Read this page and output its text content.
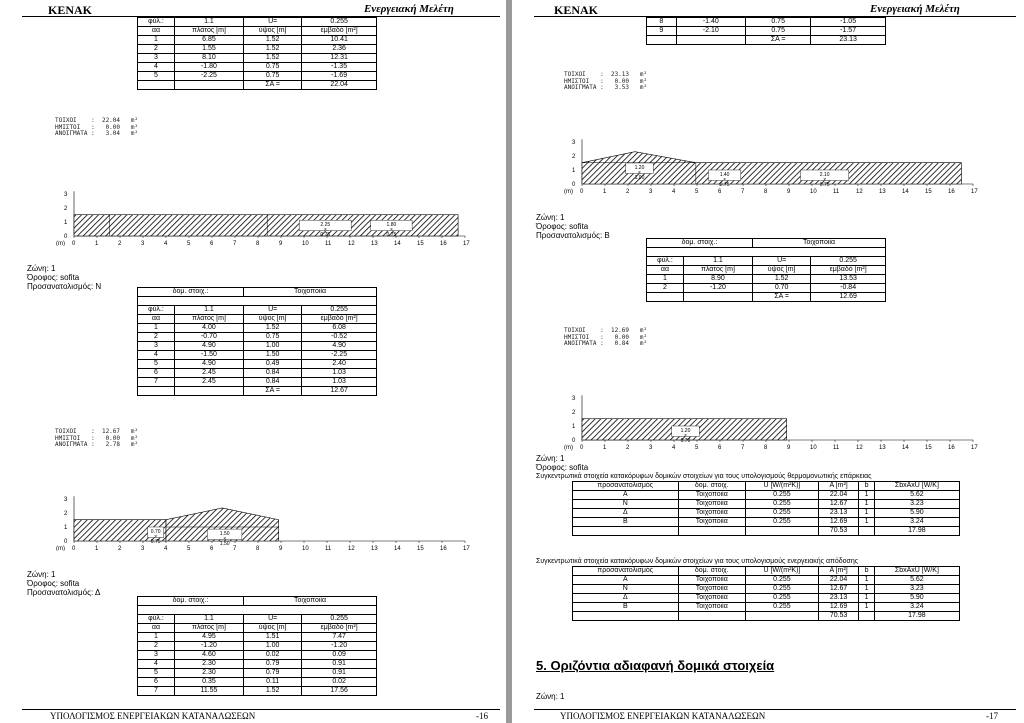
KENAK	Ενεργειακή Μελέτη
φύλ.:	1.1	U=	0.255
αα	πλάτος [m]	ύψος [m]	εμβαδό [m²]
1	6.85	1.52	10.41
2	1.55	1.52	2.36
3	8.10	1.52	12.31
4	-1.80	0.75	-1.35
5	-2.25	0.75	-1.69
		ΣA =	22.04
ΤΟΙΧΟΙ    :  22.04   m²
ΗΜΙΣΤΟΙ   :   0.00   m²
ΑΝΟΙΓΜΑΤΑ :   3.04   m²
0
1
2
3
(m) 0	1	2	3	4	5	6	7	8	9	10	11	12	13	14	15	16	17
2.25
×
0.75
1.80
×
0.75
Ζώνη: 1
Όροφος: sofita
Προσανατολισμός: N
δομ. στοιχ.:		Τοιχοποιία	

φύλ.:	1.1	U=	0.255
αα	πλάτος [m]	ύψος [m]	εμβαδό [m²]
1	4.00	1.52	6.08
2	-0.70	0.75	-0.52
3	4.90	1.00	4.90
4	-1.50	1.50	-2.25
5	4.90	0.49	2.40
6	2.45	0.84	1.03
7	2.45	0.84	1.03
		ΣA =	12.67
ΤΟΙΧΟΙ    :  12.67   m²
ΗΜΙΣΤΟΙ   :   0.00   m²
ΑΝΟΙΓΜΑΤΑ :   2.78   m²
0
1
2
3
(m) 0	1	2	3	4	5	6	7	8	9	10	11	12	13	14	15	16	17
0.70
×
0.75
1.50
×
1.50
Ζώνη: 1
Όροφος: sofita
Προσανατολισμός: Δ
δομ. στοιχ.:		Τοιχοποιία	

φύλ.:	1.1	U=	0.255
αα	πλάτος [m]	ύψος [m]	εμβαδό [m²]
1	4.95	1.51	7.47
2	-1.20	1.00	-1.20
3	4.60	0.02	0.09
4	2.30	0.79	0.91
5	2.30	0.79	0.91
6	0.35	0.11	0.02
7	11.55	1.52	17.56
ΥΠΟΛΟΓΙΣΜΟΣ ΕΝΕΡΓΕΙΑΚΩΝ ΚΑΤΑΝΑΛΩΣΕΩΝ	-16
KENAK	Ενεργειακή Μελέτη
8	-1.40	0.75	-1.05
9	-2.10	0.75	-1.57
		ΣA =	23.13
ΤΟΙΧΟΙ    :  23.13   m²
ΗΜΙΣΤΟΙ   :   0.00   m²
ΑΝΟΙΓΜΑΤΑ :   3.53   m²
0
1
2
3
(m) 0	1	2	3	4	5	6	7	8	9	10	11	12	13	14	15	16	17
1.20
×
1.00	1.40
×
0.75
2.10
×
0.75
Ζώνη: 1
Όροφος: sofita
Προσανατολισμός: Β
δομ. στοιχ.:		Τοιχοποιία	

φύλ.:	1.1	U=	0.255
αα	πλάτος [m]	ύψος [m]	εμβαδό [m²]
1	8.90	1.52	13.53
2	-1.20	0.70	-0.84
		ΣA =	12.69
ΤΟΙΧΟΙ    :  12.69   m²
ΗΜΙΣΤΟΙ   :   0.00   m²
ΑΝΟΙΓΜΑΤΑ :   0.84   m²
0
1
2
3
(m) 0	1	2	3	4	5	6	7	8	9	10	11	12	13	14	15	16	17
1.20
×
0.70
Ζώνη: 1
Όροφος: sofita
Συγκεντρωτικά στοιχεία κατακόρυφων δομικών στοιχείων για τους υπολογισμούς θερμομονωτικής επάρκειας
προσανατολισμός	δομ. στοιχ.	U [W/(m²K)]	A [m²]	b	ΣbxAxU [W/K]
A	Τοιχοποιία	0.255	22.04	1	5.62
N	Τοιχοποιία	0.255	12.67	1	3.23
Δ	Τοιχοποιία	0.255	23.13	1	5.90
B	Τοιχοποιία	0.255	12.69	1	3.24
			70.53		17.98
Συγκεντρωτικά στοιχεία κατακόρυφων δομικών στοιχείων για τους υπολογισμούς ενεργειακής απόδοσης
προσανατολισμός	δομ. στοιχ.	U [W/(m²K)]	A [m²]	b	ΣbxAxU [W/K]
A	Τοιχοποιία	0.255	22.04	1	5.62
N	Τοιχοποιία	0.255	12.67	1	3.23
Δ	Τοιχοποιία	0.255	23.13	1	5.90
B	Τοιχοποιία	0.255	12.69	1	3.24
			70.53		17.98
5. Οριζόντια αδιαφανή δομικά στοιχεία
Ζώνη: 1
ΥΠΟΛΟΓΙΣΜΟΣ ΕΝΕΡΓΕΙΑΚΩΝ ΚΑΤΑΝΑΛΩΣΕΩΝ	-17
